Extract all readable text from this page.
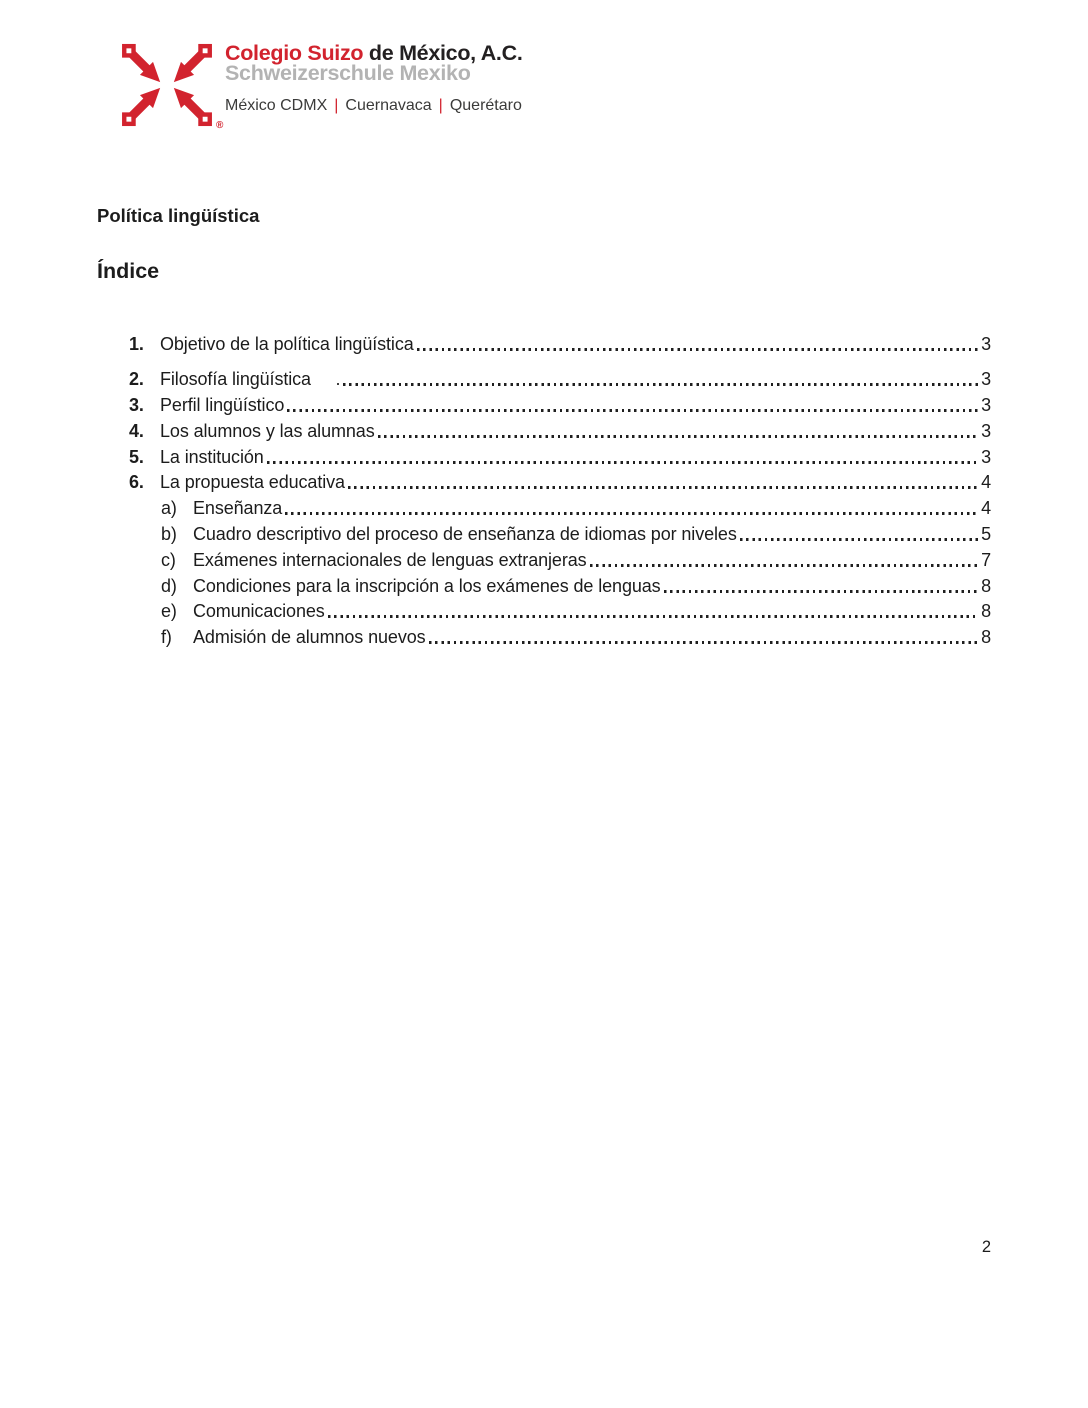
®
Colegio Suizo de México, A.C.
Schweizerschule Mexiko
México CDMX | Cuernavaca | Querétaro
Política lingüística
Índice
1. Objetivo de la política lingüística	3
2. Filosofía lingüística     .	3
3. Perfil lingüístico	3
4. Los alumnos y las alumnas	3
5. La institución	3
6. La propuesta educativa	4
a) Enseñanza	4
b) Cuadro descriptivo del proceso de enseñanza de idiomas por niveles	5
c) Exámenes internacionales de lenguas extranjeras	7
d) Condiciones para la inscripción a los exámenes de lenguas	8
e) Comunicaciones	8
f)	Admisión de alumnos nuevos	8
2
